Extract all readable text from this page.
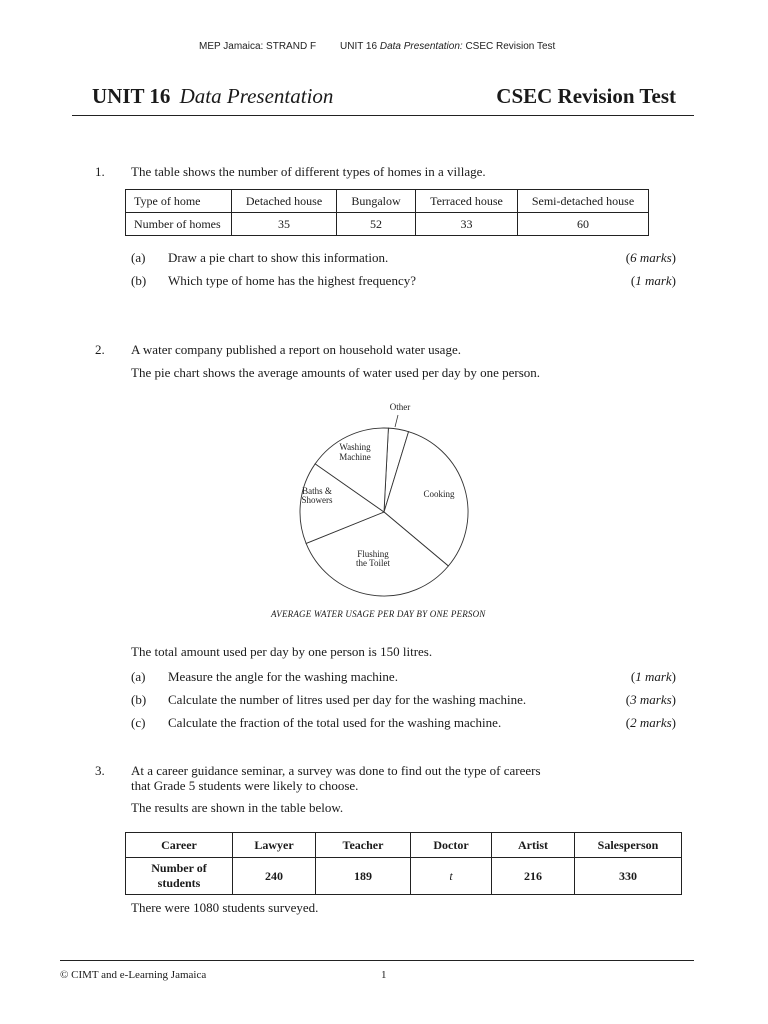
MEP Jamaica: STRAND F UNIT 16 Data Presentation: CSEC Revision Test
UNIT 16 Data Presentation	CSEC Revision Test
1. The table shows the number of different types of homes in a village.
Type of home	Detached house	Bungalow	Terraced house	Semi-detached house
Number of homes	35	52	33	60
(a) Draw a pie chart to show this information.	(6 marks)
(b) Which type of home has the highest frequency?	(1 mark)
2. A water company published a report on household water usage.
The pie chart shows the average amounts of water used per day by one person.
Other
Washing
Machine
Cooking
Baths &
Showers
Flushing
the Toilet
AVERAGE WATER USAGE PER DAY BY ONE PERSON
The total amount used per day by one person is 150 litres.
(a) Measure the angle for the washing machine.	(1 mark)
(b) Calculate the number of litres used per day for the washing machine.	(3 marks)
(c) Calculate the fraction of the total used for the washing machine.	(2 marks)
3. At a career guidance seminar, a survey was done to find out the type of careers
that Grade 5 students were likely to choose.
The results are shown in the table below.
Career	Lawyer	Teacher	Doctor	Artist	Salesperson

Number of
students	240	189	t	216	330
There were 1080 students surveyed.
© CIMT and e-Learning Jamaica	1
